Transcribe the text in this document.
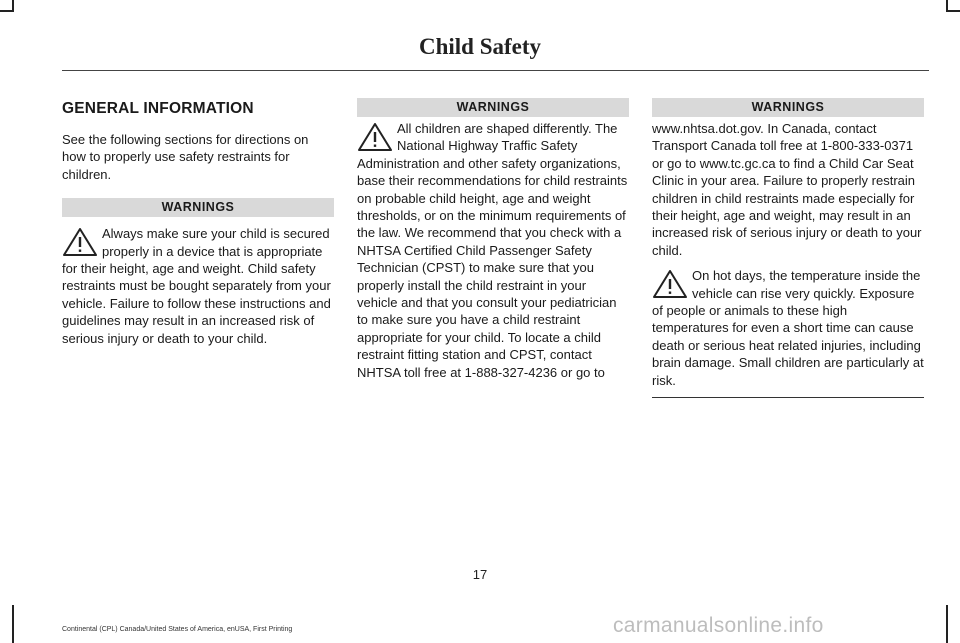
Child Safety
GENERAL INFORMATION

See the following sections for directions on how to properly use safety restraints for children.

WARNINGS

Always make sure your child is secured properly in a device that is appropriate for their height, age and weight. Child safety restraints must be bought separately from your vehicle. Failure to follow these instructions and guidelines may result in an increased risk of serious injury or death to your child.

WARNINGS

All children are shaped differently. The National Highway Traffic Safety Administration and other safety organizations, base their recommendations for child restraints on probable child height, age and weight thresholds, or on the minimum requirements of the law. We recommend that you check with a NHTSA Certified Child Passenger Safety Technician (CPST) to make sure that you properly install the child restraint in your vehicle and that you consult your pediatrician to make sure you have a child restraint appropriate for your child. To locate a child restraint fitting station and CPST, contact NHTSA toll free at 1-888-327-4236 or go to

WARNINGS

www.nhtsa.dot.gov. In Canada, contact Transport Canada toll free at 1-800-333-0371 or go to www.tc.gc.ca to find a Child Car Seat Clinic in your area. Failure to properly restrain children in child restraints made especially for their height, age and weight, may result in an increased risk of serious injury or death to your child.

On hot days, the temperature inside the vehicle can rise very quickly. Exposure of people or animals to these high temperatures for even a short time can cause death or serious heat related injuries, including brain damage. Small children are particularly at risk.

17
Continental (CPL) Canada/United States of America, enUSA, First Printing	carmanualsonline.info
